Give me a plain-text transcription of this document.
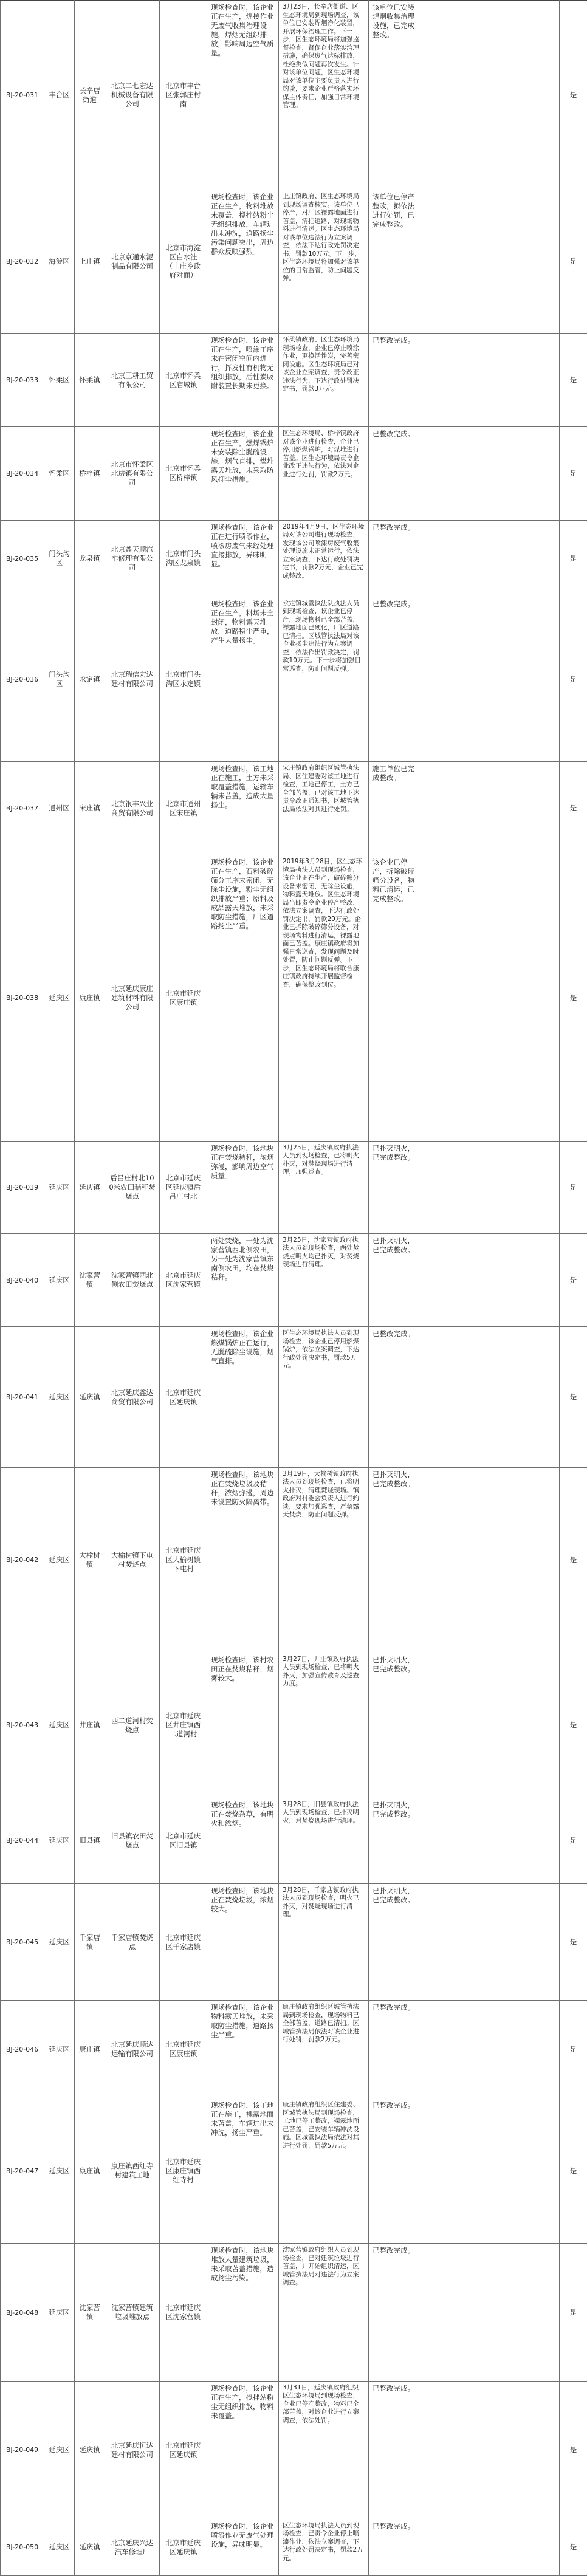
BJ-20-031	丰台区	长辛店街道	北京二七宏达机械设备有限公司	北京市丰台区张郭庄村南	现场检查时，该企业正在生产，焊接作业无废气收集治理设施，焊烟无组织排放，影响周边空气质量。	3月23日，长辛店街道、区生态环境局到现场调查，该单位已安装焊烟净化装置，开展环保治理工作。下一步，区生态环境局将加强监督检查，督促企业落实治理措施，确保废气达标排放，杜绝类似问题再次发生。针对该单位问题，区生态环境局对该单位主要负责人进行约谈，要求企业严格落实环保主体责任，加强日常环境管理。	该单位已安装焊烟收集治理设施，已完成整改。		是
BJ-20-032	海淀区	上庄镇	北京京通水泥制品有限公司	北京市海淀区白水洼（上庄乡政府对面）	现场检查时，该企业正在生产，物料堆放未覆盖，搅拌站粉尘无组织排放，车辆进出未冲洗，道路扬尘污染问题突出，周边群众反映强烈。	上庄镇政府、区生态环境局到现场调查核实。该单位已停产，对厂区裸露地面进行苫盖，清扫道路，对现场物料进行清运。区生态环境局对该单位违法行为立案调查，依法下达行政处罚决定书，罚款10万元。下一步，区生态环境局将加强对该单位的日常监管，防止问题反弹。	该单位已停产整改，拟依法进行处罚，已完成整改。		是
BJ-20-033	怀柔区	怀柔镇	北京三耕工贸有限公司	北京市怀柔区庙城镇	现场检查时，该企业正在生产，喷涂工序未在密闭空间内进行，挥发性有机物无组织排放，活性炭吸附装置长期未更换。	怀柔镇政府、区生态环境局现场检查，企业已停止喷涂作业，更换活性炭，完善密闭设施。区生态环境局已对该企业立案调查，责令改正违法行为，下达行政处罚决定书，罚款3万元。	已整改完成。		是
BJ-20-034	怀柔区	桥梓镇	北京市怀柔区北房镇有限公司	北京市怀柔区桥梓镇	现场检查时，该企业正在生产，燃煤锅炉未安装除尘脱硫设施，烟气直排，煤堆露天堆放，未采取防风抑尘措施。	区生态环境局、桥梓镇政府对该企业进行检查，企业已停用燃煤锅炉，对煤堆进行苫盖。区生态环境局责令企业改正违法行为，依法对企业进行处罚，罚款2万元。	已整改完成。		是
BJ-20-035	门头沟区	龙泉镇	北京鑫天顺汽车修理有限公司	北京市门头沟区龙泉镇	现场检查时，该企业正在进行喷漆作业，喷漆房废气未经处理直接排放，异味明显。	2019年4月9日，区生态环境局对该公司进行现场检查，发现该公司喷漆房废气收集处理设施未正常运行，依法立案调查，下达行政处罚决定书，罚款2万元，企业已完成整改。	已整改完成。		是
BJ-20-036	门头沟区	永定镇	北京瑞信宏达建材有限公司	北京市门头沟区永定镇	现场检查时，该企业正在生产，料场未全封闭，物料露天堆放，道路积尘严重，产生大量扬尘。	永定镇城管执法队执法人员到现场检查，该企业已停产，现场物料已全部苫盖，裸露地面已硬化，厂区道路已清扫。区城管执法局对该企业扬尘违法行为立案调查，依法作出罚款决定，罚款10万元。下一步将加强日常巡查，防止问题反弹。	已整改完成。		是
BJ-20-037	通州区	宋庄镇	北京银丰兴业商贸有限公司	北京市通州区宋庄镇	现场检查时，该工地正在施工，土方未采取覆盖措施，运输车辆未苫盖，造成大量扬尘。	宋庄镇政府组织区城管执法局、区住建委对该工地进行检查，工地已停工，土方已全部苫盖，已对该工地下达责令改正通知书，区城管执法局依法对其进行处罚。	施工单位已完成整改。		是
BJ-20-038	延庆区	康庄镇	北京延庆康庄建筑材料有限公司	北京市延庆区康庄镇	现场检查时，该企业正在生产，石料破碎筛分工序未密闭，无除尘设施，粉尘无组织排放严重；原料及成品露天堆放，未采取防尘措施，厂区道路扬尘严重。	2019年3月28日，区生态环境局执法人员到现场检查，该企业正在生产，破碎筛分设备未密闭，无除尘设施，物料露天堆放。区生态环境局当即责令企业停产整改，依法立案调查，下达行政处罚决定书，罚款20万元。企业已拆除破碎筛分设备，对现场物料进行清运，裸露地面已苫盖。康庄镇政府将加强日常巡查，发现问题及时处置，防止问题反弹。下一步，区生态环境局将联合康庄镇政府持续开展监督检查，确保整改到位。	该企业已停产，拆除破碎筛分设备，物料已清运，已完成整改。		是
BJ-20-039	延庆区	延庆镇	后吕庄村北100米农田秸秆焚烧点	北京市延庆区延庆镇后吕庄村北	现场检查时，该地块正在焚烧秸秆，浓烟弥漫，影响周边空气质量。	3月25日，延庆镇政府执法人员到现场检查，已将明火扑灭，对焚烧现场进行清理，加强巡查。	已扑灭明火，已完成整改。		是
BJ-20-040	延庆区	沈家营镇	沈家营镇西北侧农田焚烧点	北京市延庆区沈家营镇	两处焚烧，一处为沈家营镇西北侧农田，另一处为沈家营镇东南侧农田，均在焚烧秸秆。	3月25日，沈家营镇政府执法人员到现场检查，两处焚烧点明火均已扑灭，对焚烧现场进行清理。	已扑灭明火，已完成整改。		是
BJ-20-041	延庆区	延庆镇	北京延庆鑫达商贸有限公司	北京市延庆区延庆镇	现场检查时，该企业燃煤锅炉正在运行，无脱硫除尘设施，烟气直排。	区生态环境局执法人员到现场检查，该企业已停用燃煤锅炉，依法立案调查，下达行政处罚决定书，罚款5万元。	已整改完成。		是
BJ-20-042	延庆区	大榆树镇	大榆树镇下屯村焚烧点	北京市延庆区大榆树镇下屯村	现场检查时，该地块正在焚烧垃圾及秸秆，浓烟弥漫，周边未设置防火隔离带。	3月19日，大榆树镇政府执法人员到现场检查，已将明火扑灭，清理焚烧现场。镇政府对村委会负责人进行约谈，要求加强巡查，严禁露天焚烧，防止问题反弹。	已扑灭明火，已完成整改。		是
BJ-20-043	延庆区	井庄镇	西二道河村焚烧点	北京市延庆区井庄镇西二道河村	现场检查时，该村农田正在焚烧秸秆，烟雾较大。	3月27日，井庄镇政府执法人员到现场检查，已将明火扑灭，加强宣传教育及巡查力度。	已扑灭明火，已完成整改。		是
BJ-20-044	延庆区	旧县镇	旧县镇农田焚烧点	北京市延庆区旧县镇	现场检查时，该地块正在焚烧杂草，有明火和浓烟。	3月28日，旧县镇政府执法人员到现场检查，已扑灭明火，对焚烧现场进行清理。	已扑灭明火，已完成整改。		是
BJ-20-045	延庆区	千家店镇	千家店镇焚烧点	北京市延庆区千家店镇	现场检查时，该地块正在焚烧垃圾，浓烟较大。	3月28日，千家店镇政府执法人员到现场检查，明火已扑灭，对焚烧现场进行清理。	已扑灭明火，已完成整改。		是
BJ-20-046	延庆区	康庄镇	北京延庆顺达运输有限公司	北京市延庆区康庄镇	现场检查时，该企业物料露天堆放，未采取防尘措施，道路扬尘严重。	康庄镇政府组织区城管执法局到现场检查，现场物料已全部苫盖，道路已清扫。区城管执法局依法对该企业进行处罚，罚款2万元。	已整改完成。		是
BJ-20-047	延庆区	康庄镇	康庄镇西红寺村建筑工地	北京市延庆区康庄镇西红寺村	现场检查时，该工地正在施工，裸露地面未苫盖，车辆进出未冲洗，扬尘严重。	康庄镇政府组织区住建委、区城管执法局到现场检查，工地已停工整改，裸露地面已苫盖，已安装车辆冲洗设施。区城管执法局依法对其进行处罚，罚款5万元。	已整改完成。		是
BJ-20-048	延庆区	沈家营镇	沈家营镇建筑垃圾堆放点	北京市延庆区沈家营镇	现场检查时，该地块堆放大量建筑垃圾，未采取苫盖措施，造成扬尘污染。	沈家营镇政府组织人员到现场检查，已对建筑垃圾进行苫盖，并开始组织清运，区城管执法局对违法行为立案调查。	已整改完成。		是
BJ-20-049	延庆区	延庆镇	北京延庆恒达建材有限公司	北京市延庆区延庆镇	现场检查时，该企业正在生产，搅拌站粉尘无组织排放，物料未覆盖。	3月31日，延庆镇政府组织区生态环境局到现场检查，企业已停产整改，物料已全部苫盖，对该企业进行立案调查，依法处罚。	已整改完成。		是
BJ-20-050	延庆区	延庆镇	北京延庆兴达汽车修理厂	北京市延庆区延庆镇	现场检查时，该企业喷漆作业无废气处理设施，异味明显。	区生态环境局执法人员到现场检查，已责令企业停止喷漆作业，依法立案调查，下达行政处罚决定书，罚款2万元。	已整改完成。		是
